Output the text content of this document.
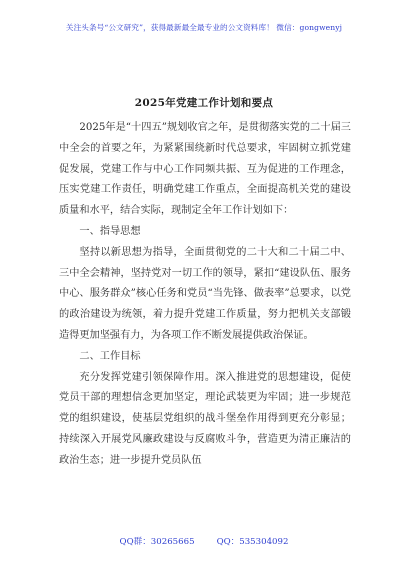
关注头条号“公文研究”，获得最新最全最专业的公文资料库！ 微信：gongwenyj
2025年党建工作计划和要点

2025年是“十四五”规划收官之年，是贯彻落实党的二十届三中全会的首要之年，为紧紧围绕新时代总要求，牢固树立抓党建促发展，党建工作与中心工作同频共振、互为促进的工作理念，压实党建工作责任，明确党建工作重点，全面提高机关党的建设质量和水平，结合实际，现制定全年工作计划如下：

一、指导思想

坚持以新思想为指导，全面贯彻党的二十大和二十届二中、三中全会精神，坚持党对一切工作的领导，紧扣“建设队伍、服务中心、服务群众”核心任务和党员“当先锋、做表率”总要求，以党的政治建设为统领，着力提升党建工作质量，努力把机关支部锻造得更加坚强有力，为各项工作不断发展提供政治保证。

二、工作目标

充分发挥党建引领保障作用。深入推进党的思想建设，促使党员干部的理想信念更加坚定，理论武装更为牢固；进一步规范党的组织建设，使基层党组织的战斗堡垒作用得到更充分彰显；持续深入开展党风廉政建设与反腐败斗争，营造更为清正廉洁的政治生态；进一步提升党员队伍

QQ群：30265665	QQ：535304092
